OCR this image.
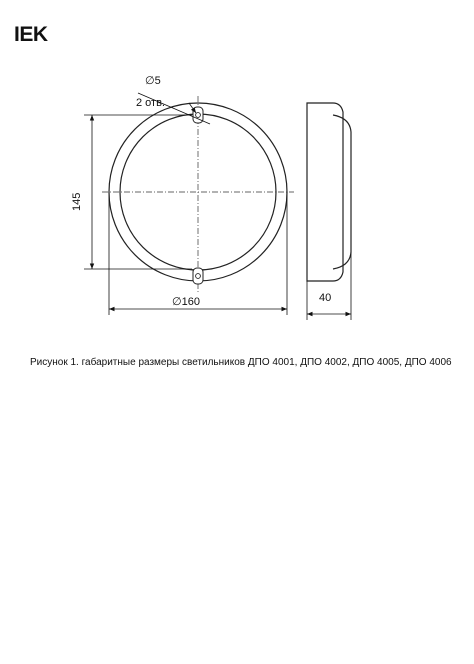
IEK
∅5
2 отв.
145
∅160	40
Рисунок 1. габаритные размеры светильников ДПО 4001, ДПО 4002, ДПО 4005, ДПО 4006
